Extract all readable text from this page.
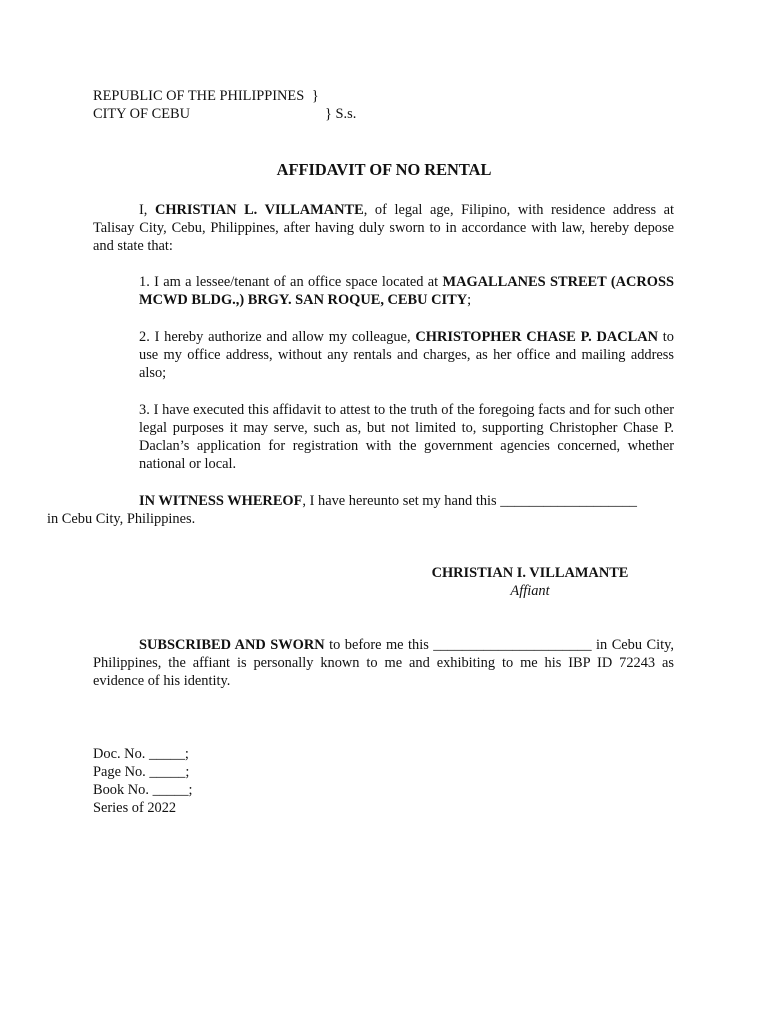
REPUBLIC OF THE PHILIPPINES }
CITY OF CEBU	} S.s.
AFFIDAVIT OF NO RENTAL
I, CHRISTIAN L. VILLAMANTE, of legal age, Filipino, with residence address at Talisay City, Cebu, Philippines, after having duly sworn to in accordance with law, hereby depose and state that:
1. I am a lessee/tenant of an office space located at MAGALLANES STREET (ACROSS MCWD BLDG.,) BRGY. SAN ROQUE, CEBU CITY;
2. I hereby authorize and allow my colleague, CHRISTOPHER CHASE P. DACLAN to use my office address, without any rentals and charges, as her office and mailing address also;
3. I have executed this affidavit to attest to the truth of the foregoing facts and for such other legal purposes it may serve, such as, but not limited to, supporting Christopher Chase P. Daclan’s application for registration with the government agencies concerned, whether national or local.
IN WITNESS WHEREOF, I have hereunto set my hand this ___________________
in Cebu City, Philippines.
CHRISTIAN I. VILLAMANTE
Affiant
SUBSCRIBED AND SWORN to before me this ______________________ in Cebu City, Philippines, the affiant is personally known to me and exhibiting to me his IBP ID 72243 as evidence of his identity.
Doc. No. _____;
Page No. _____;
Book No. _____;
Series of 2022
